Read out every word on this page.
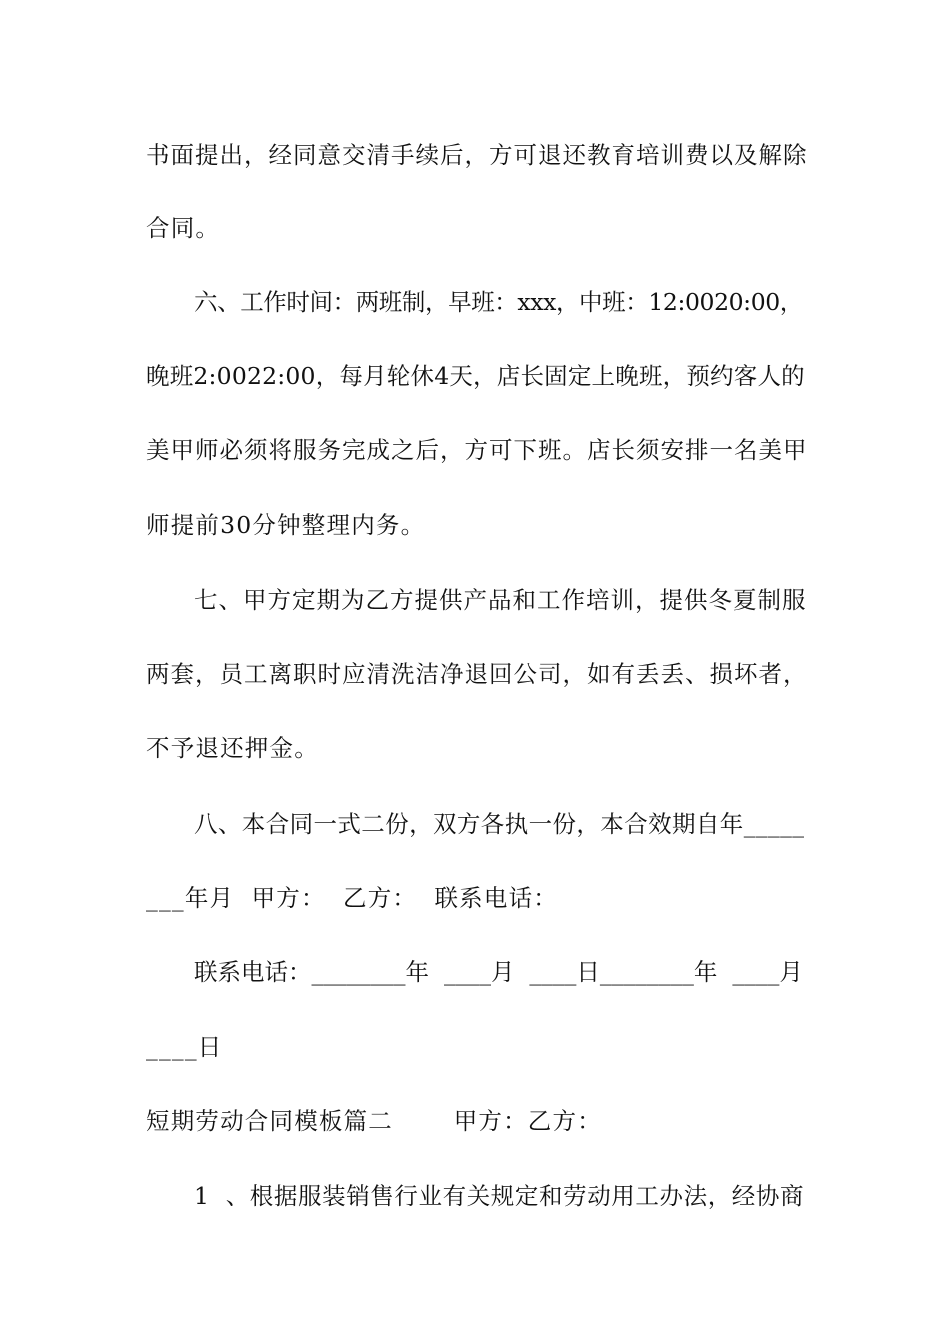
书面提出，经同意交清手续后，方可退还教育培训费以及解除
合同。
六、工作时间：两班制，早班：xxx，中班：12:0020:00，
晚班2:0022:00，每月轮休4天，店长固定上晚班，预约客人的
美甲师必须将服务完成之后，方可下班。店长须安排一名美甲
师提前30分钟整理内务。
七、甲方定期为乙方提供产品和工作培训，提供冬夏制服
两套，员工离职时应清洗洁净退回公司，如有丢丢、损坏者，
不予退还押金。
八、本合同一式二份，双方各执一份，本合效期自年_____
___年月  甲方：  乙方：  联系电话：
联系电话：________年  ____月  ____日________年  ____月
____日
短期劳动合同模板篇二       甲方：乙方：
1  、根据服装销售行业有关规定和劳动用工办法，经协商
